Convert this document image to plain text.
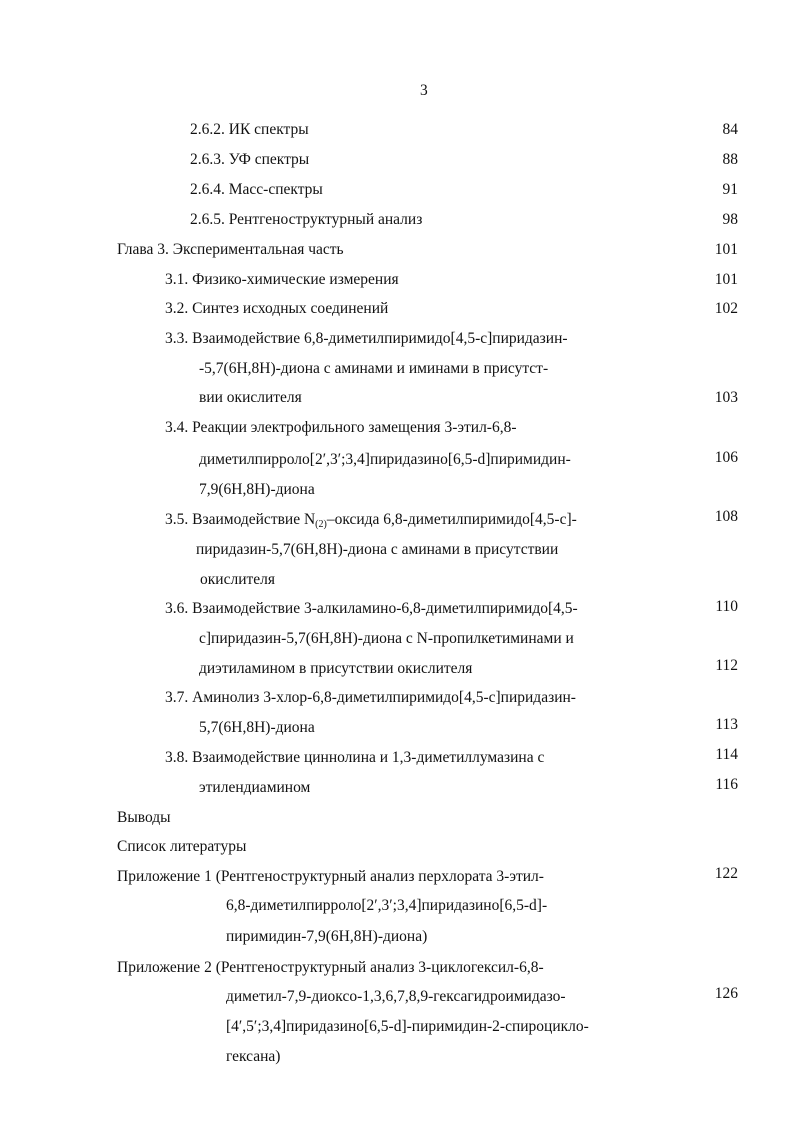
3
2.6.2. ИК спектры
2.6.3. УФ спектры
2.6.4. Масс-спектры
2.6.5. Рентгеноструктурный анализ
Глава 3. Экспериментальная часть
3.1. Физико-химические измерения
3.2. Синтез исходных соединений
3.3. Взаимодействие 6,8-диметилпиримидо[4,5-c]пиридазин-
-5,7(6H,8H)-диона с аминами и иминами в присутст-
вии окислителя
3.4. Реакции электрофильного замещения 3-этил-6,8-
диметилпирроло[2′,3′;3,4]пиридазино[6,5-d]пиримидин-
7,9(6H,8H)-диона
3.5. Взаимодействие $N_{(2)}$–оксида 6,8-диметилпиримидо[4,5-c]-
пиридазин-5,7(6H,8H)-диона с аминами в присутствии
окислителя
3.6. Взаимодействие 3-алкиламино-6,8-диметилпиримидо[4,5-
c]пиридазин-5,7(6H,8H)-диона с N-пропилкетиминами и
диэтиламином в присутствии окислителя
3.7. Аминолиз 3-хлор-6,8-диметилпиримидо[4,5-c]пиридазин-
5,7(6H,8H)-диона
3.8. Взаимодействие циннолина и 1,3-диметиллумазина с
этилендиамином
Выводы
Список литературы
Приложение 1 (Рентгеноструктурный анализ перхлората 3-этил-
6,8-диметилпирроло[2′,3′;3,4]пиридазино[6,5-d]-
пиримидин-7,9(6H,8H)-диона)
Приложение 2 (Рентгеноструктурный анализ 3-циклогексил-6,8-
диметил-7,9-диоксо-1,3,6,7,8,9-гексагидроимидазо-
[4′,5′;3,4]пиридазино[6,5-d]-пиримидин-2-спироцикло-
гексана)
84
88
91
98
101
101
102
103
106
108
110
112
113
114
116
122
126
